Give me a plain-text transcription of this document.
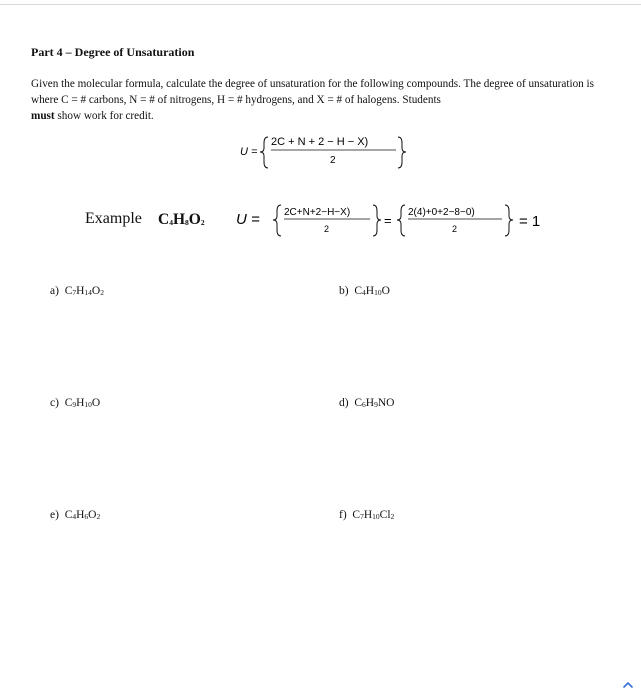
Part 4 – Degree of Unsaturation
Given the molecular formula, calculate the degree of unsaturation for the following compounds. The degree of unsaturation is where C = # carbons, N = # of nitrogens, H = # hydrogens, and X = # of halogens. Students
must show work for credit.
U =
2C + N + 2 − H − X)
2
Example $C_4H_8O_2$ U = 2C+N+2−H−X)
2
=
2(4)+0+2−8−0)
2	= 1
a) $C_7H_{14}O_2$	b) $C_4H_{10}O$
c) $C_9H_{10}O$	d) $C_6H_9NO$
e) $C_4H_6O_2$	f) $C_7H_{10}Cl_2$
